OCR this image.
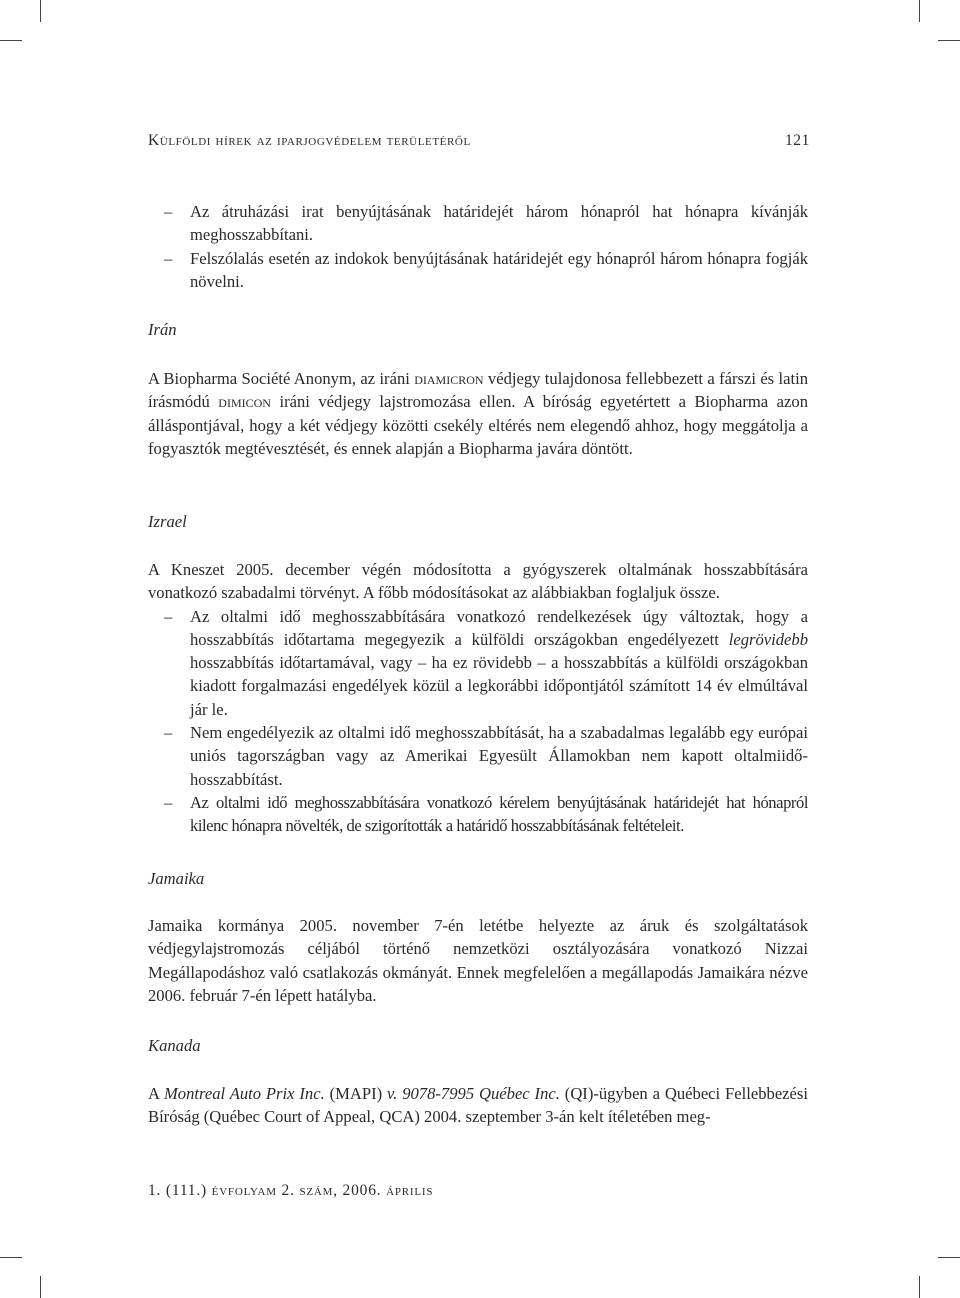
Külföldi hírek az iparjogvédelem területéről	121
– Az átruházási irat benyújtásának határidejét három hónapról hat hónapra kívánják meghosszabbítani.
– Felszólalás esetén az indokok benyújtásának határidejét egy hónapról három hónapra fogják növelni.
Irán

A Biopharma Société Anonym, az iráni diamicron védjegy tulajdonosa fellebbezett a fárszi és latin írásmódú dimicon iráni védjegy lajstromozása ellen. A bíróság egyetértett a Biopharma azon álláspontjával, hogy a két védjegy közötti csekély eltérés nem elegendő ahhoz, hogy meggátolja a fogyasztók megtévesztését, és ennek alapján a Biopharma javára döntött.

Izrael

A Kneszet 2005. december végén módosította a gyógyszerek oltalmának hosszabbítására vonatkozó szabadalmi törvényt. A főbb módosításokat az alábbiakban foglaljuk össze.

– Az oltalmi idő meghosszabbítására vonatkozó rendelkezések úgy változtak, hogy a hosszabbítás időtartama megegyezik a külföldi országokban engedélyezett legrövidebb hosszabbítás időtartamával, vagy – ha ez rövidebb – a hosszabbítás a külföldi országokban kiadott forgalmazási engedélyek közül a legkorábbi időpontjától számított 14 év elmúltával jár le.
– Nem engedélyezik az oltalmi idő meghosszabbítását, ha a szabadalmas legalább egy európai uniós tagországban vagy az Amerikai Egyesült Államokban nem kapott oltalmiidő-hosszabbítást.
– Az oltalmi idő meghosszabbítására vonatkozó kérelem benyújtásának határidejét hat hónapról kilenc hónapra növelték, de szigorították a határidő hosszabbításának feltételeit.
Jamaika

Jamaika kormánya 2005. november 7-én letétbe helyezte az áruk és szolgáltatások védjegylajstromozás céljából történő nemzetközi osztályozására vonatkozó Nizzai Megállapodáshoz való csatlakozás okmányát. Ennek megfelelően a megállapodás Jamaikára nézve 2006. február 7-én lépett hatályba.

Kanada

A Montreal Auto Prix Inc. (MAPI) v. 9078-7995 Québec Inc. (QI)-ügyben a Québeci Fellebbezési Bíróság (Québec Court of Appeal, QCA) 2004. szeptember 3-án kelt ítéletében meg-

1. (111.) évfolyam 2. szám, 2006. április
